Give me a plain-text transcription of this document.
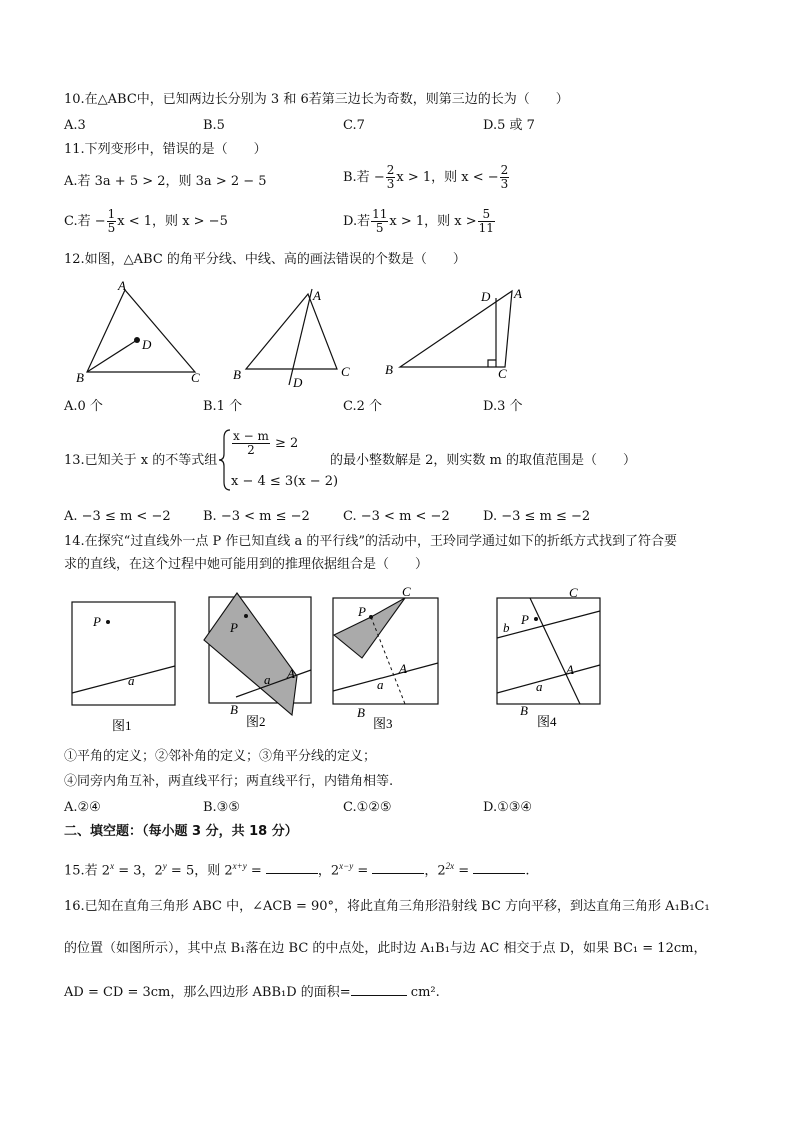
10.在△ABC中，已知两边长分别为 3 和 6若第三边长为奇数，则第三边的长为（　　）
A.3	B.5	C.7	D.5 或 7
11.下列变形中，错误的是（　　）
A.若 3a + 5 > 2，则 3a > 2 − 5	B.若 − $\frac{2}{3}$ x > 1，则 x < − $\frac{2}{3}$
C.若 − $\frac{1}{5}$ x < 1，则 x > −5	D.若 $\frac{11}{5}$ x > 1，则 $x > \frac{5}{11}$
12.如图，△ABC 的角平分线、中线、高的画法错误的个数是（　　）
A
B	C
D
A
B	C
D
A
B	C
D
A.0 个	B.1 个	C.2 个	D.3 个
13.已知关于 x 的不等式组
$\frac{x - m}{2} \ge 2$
x − 4 ≤ 3(x − 2)
的最小整数解是 2，则实数 m 的取值范围是（　　）
A. −3 ≤ m < −2 B. −3 < m ≤ −2	C. −3 < m < −2	D. −3 ≤ m ≤ −2
14.在探究“过直线外一点 P 作已知直线 a 的平行线”的活动中，王玲同学通过如下的折纸方式找到了符合要
求的直线，在这个过程中她可能用到的推理依据组合是（　　）
P
a
图1
P
a A
B
图2
P
C
A
a
B
图3
P
b
C
A
a
B
图4
①平角的定义；②邻补角的定义；③角平分线的定义；
④同旁内角互补，两直线平行；两直线平行，内错角相等.
A.②④	B.③⑤	C.①②⑤	D.①③④
二、填空题：（每小题 3 分，共 18 分）
15.若 $2^x = 3$，$2^y = 5$，则 $2^{x+y}$ =	，$2^{x-y}$ =	，$2^{2x}$ =	.
16.已知在直角三角形 ABC 中，∠ACB = 90°，将此直角三角形沿射线 BC 方向平移，到达直角三角形 A₁B₁C₁
的位置（如图所示），其中点 B₁落在边 BC 的中点处，此时边 A₁B₁与边 AC 相交于点 D，如果 BC₁ = 12cm，
AD = CD = 3cm，那么四边形 ABB₁D 的面积=	cm².
